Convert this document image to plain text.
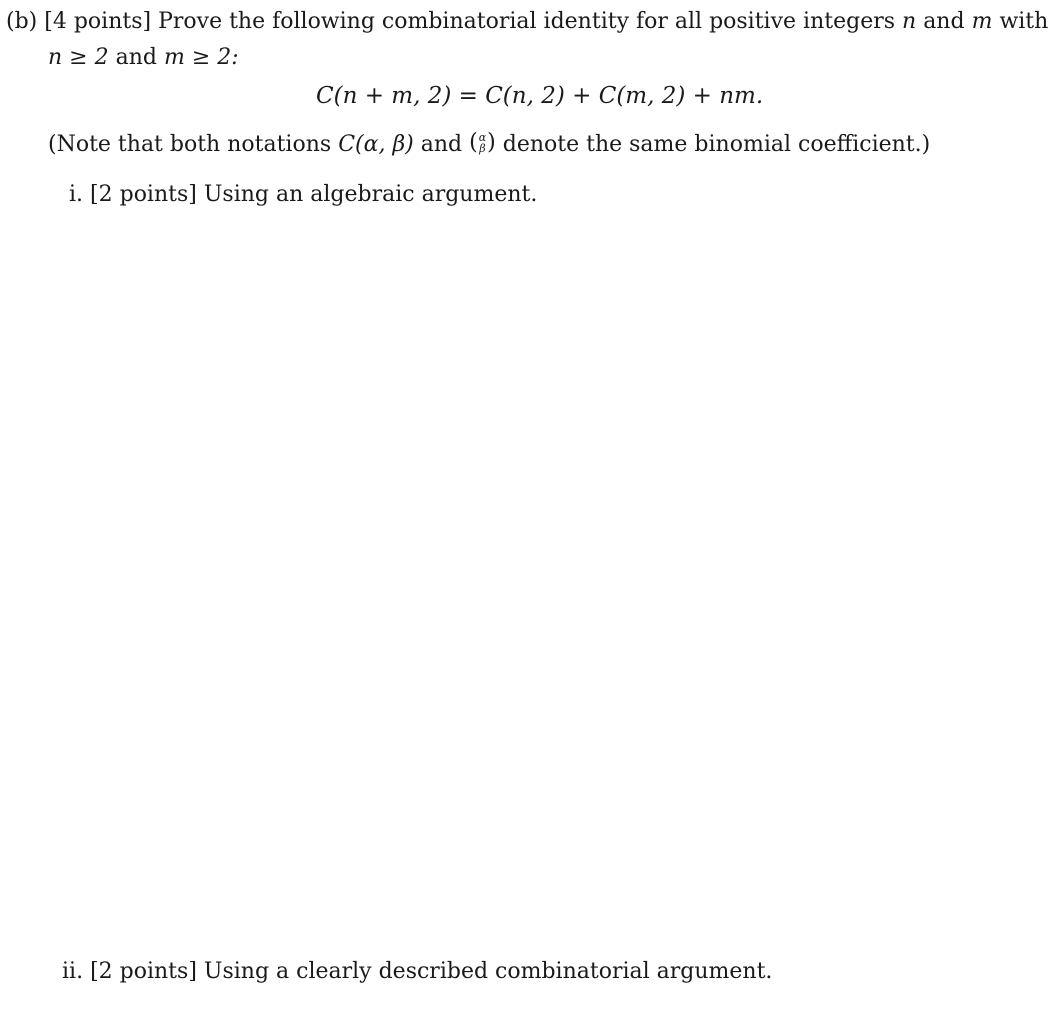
(b) [4 points] Prove the following combinatorial identity for all positive integers n and m with
n ≥ 2 and m ≥ 2:
C(n + m, 2) = C(n, 2) + C(m, 2) + nm.
(Note that both notations C(α, β) and ( α
β ) denote the same binomial coefficient.)
i. [2 points] Using an algebraic argument.
ii. [2 points] Using a clearly described combinatorial argument.
